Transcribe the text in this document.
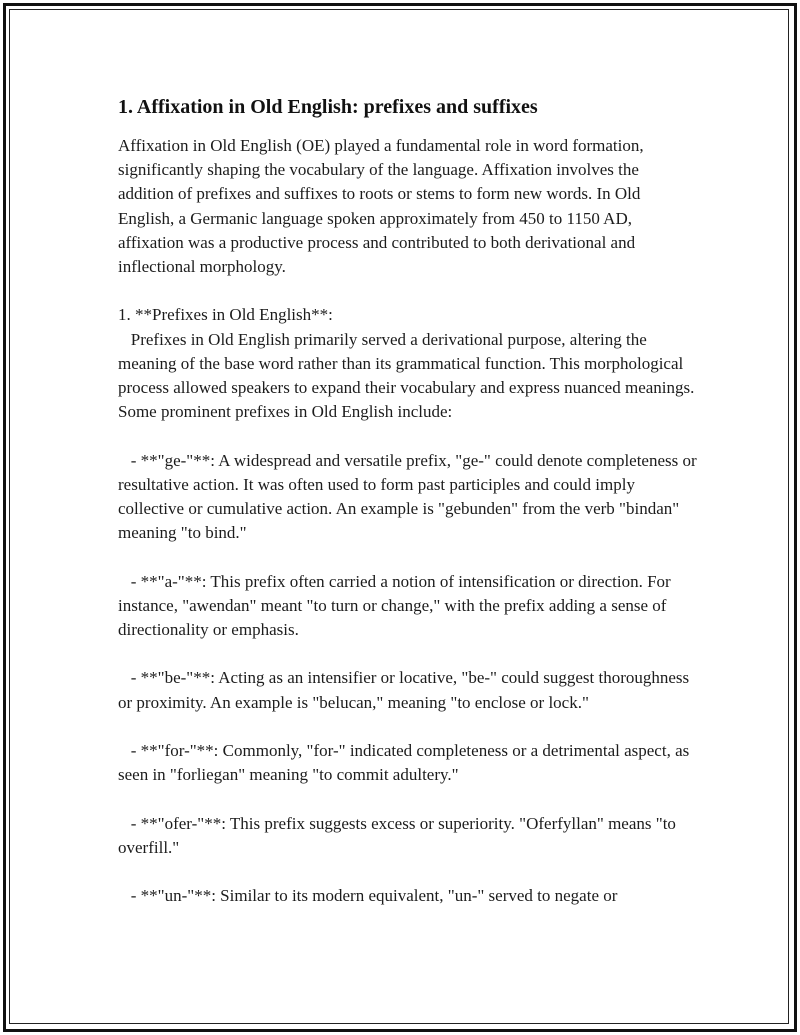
1. Affixation in Old English: prefixes and suffixes

Affixation in Old English (OE) played a fundamental role in word formation, significantly shaping the vocabulary of the language. Affixation involves the addition of prefixes and suffixes to roots or stems to form new words. In Old English, a Germanic language spoken approximately from 450 to 1150 AD, affixation was a productive process and contributed to both derivational and inflectional morphology.

1. **Prefixes in Old English**:
Prefixes in Old English primarily served a derivational purpose, altering the meaning of the base word rather than its grammatical function. This morphological process allowed speakers to expand their vocabulary and express nuanced meanings. Some prominent prefixes in Old English include:

- **"ge-"**: A widespread and versatile prefix, "ge-" could denote completeness or resultative action. It was often used to form past participles and could imply collective or cumulative action. An example is "gebunden" from the verb "bindan" meaning "to bind."

- **"a-"**: This prefix often carried a notion of intensification or direction. For instance, "awendan" meant "to turn or change," with the prefix adding a sense of directionality or emphasis.

- **"be-"**: Acting as an intensifier or locative, "be-" could suggest thoroughness or proximity. An example is "belucan," meaning "to enclose or lock."

- **"for-"**: Commonly, "for-" indicated completeness or a detrimental aspect, as seen in "forliegan" meaning "to commit adultery."

- **"ofer-"**: This prefix suggests excess or superiority. "Oferfyllan" means "to overfill."

- **"un-"**: Similar to its modern equivalent, "un-" served to negate or
